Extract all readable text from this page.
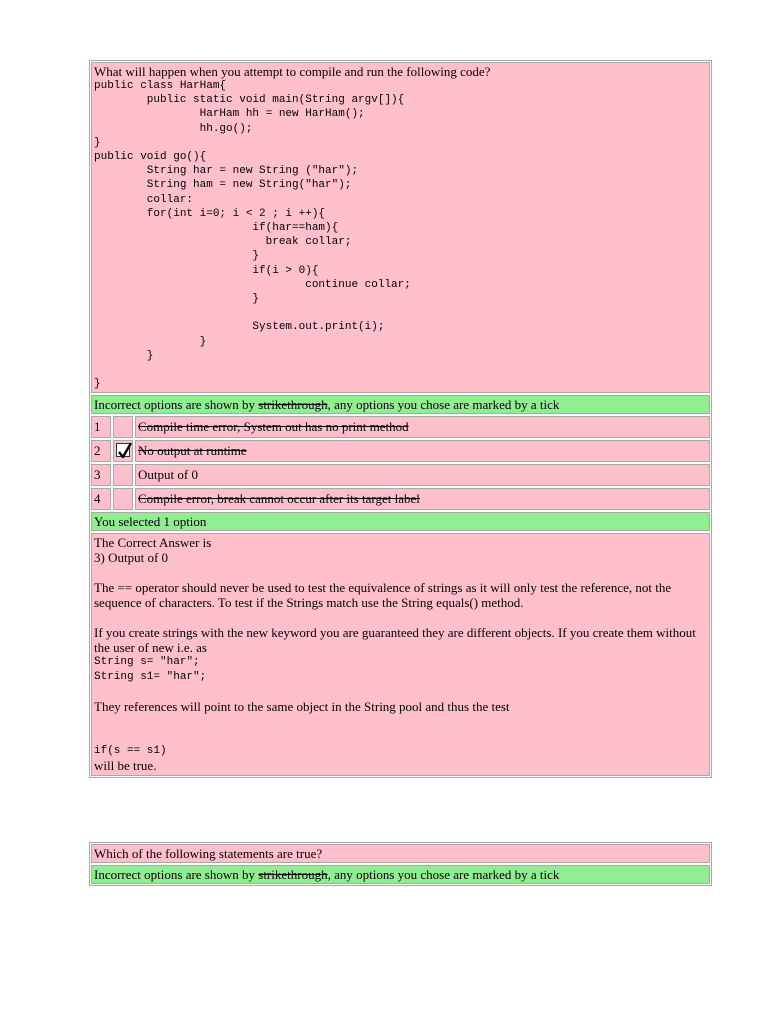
What will happen when you attempt to compile and run the following code?
public class HarHam{
public static void main(String argv[]){
HarHam hh = new HarHam();
hh.go();
}
public void go(){
String har = new String ("har");
String ham = new String("har");
collar:
for(int i=0; i < 2 ; i ++){
if(har==ham){
break collar;
}
if(i > 0){
continue collar;
}

System.out.print(i);
}
}

}
Incorrect options are shown by strikethrough, any options you chose are marked by a tick
1	Compile time error, System out has no print method
2	No output at runtime
3	Output of 0
4	Compile error, break cannot occur after its target label
You selected 1 option
The Correct Answer is
3) Output of 0

The == operator should never be used to test the equivalence of strings as it will only test the reference, not the sequence of characters. To test if the Strings match use the String equals() method.

If you create strings with the new keyword you are guaranteed they are different objects. If you create them without the user of new i.e. as
String s= "har";
String s1= "har";

They references will point to the same object in the String pool and thus the test

if(s == s1)
will be true.
Which of the following statements are true?
Incorrect options are shown by strikethrough, any options you chose are marked by a tick
